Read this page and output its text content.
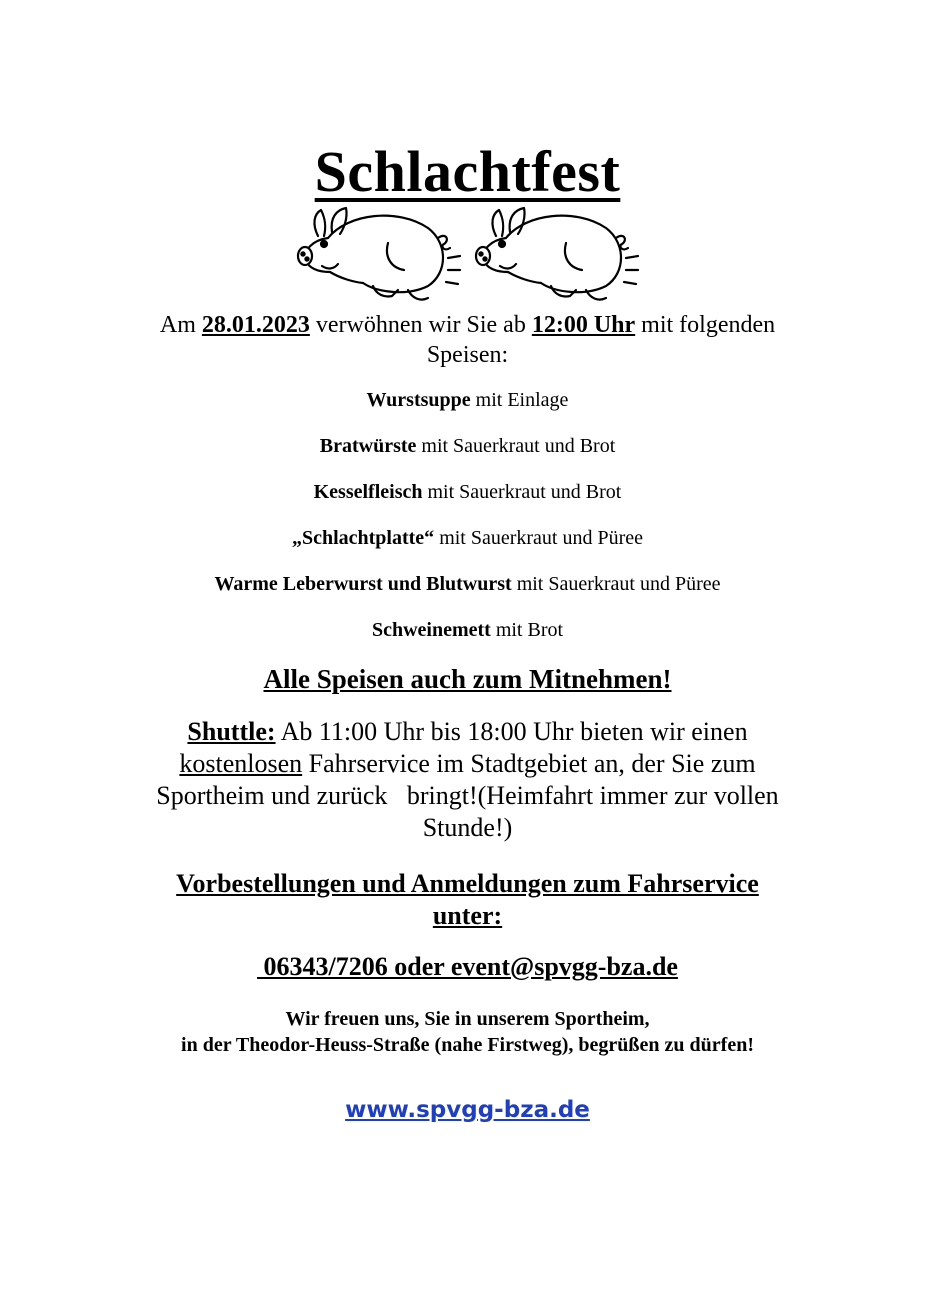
Schlachtfest
Am 28.01.2023 verwöhnen wir Sie ab 12:00 Uhr mit folgenden
Speisen:
Wurstsuppe mit Einlage
Bratwürste mit Sauerkraut und Brot
Kesselfleisch mit Sauerkraut und Brot
„Schlachtplatte“ mit Sauerkraut und Püree
Warme Leberwurst und Blutwurst mit Sauerkraut und Püree
Schweinemett mit Brot
Alle Speisen auch zum Mitnehmen!
Shuttle: Ab 11:00 Uhr bis 18:00 Uhr bieten wir einen
kostenlosen Fahrservice im Stadtgebiet an, der Sie zum
Sportheim und zurück   bringt!(Heimfahrt immer zur vollen
Stunde!)
Vorbestellungen und Anmeldungen zum Fahrservice
unter:
06343/7206 oder event@spvgg-bza.de
Wir freuen uns, Sie in unserem Sportheim,
in der Theodor-Heuss-Straße (nahe Firstweg), begrüßen zu dürfen!
www.spvgg-bza.de
